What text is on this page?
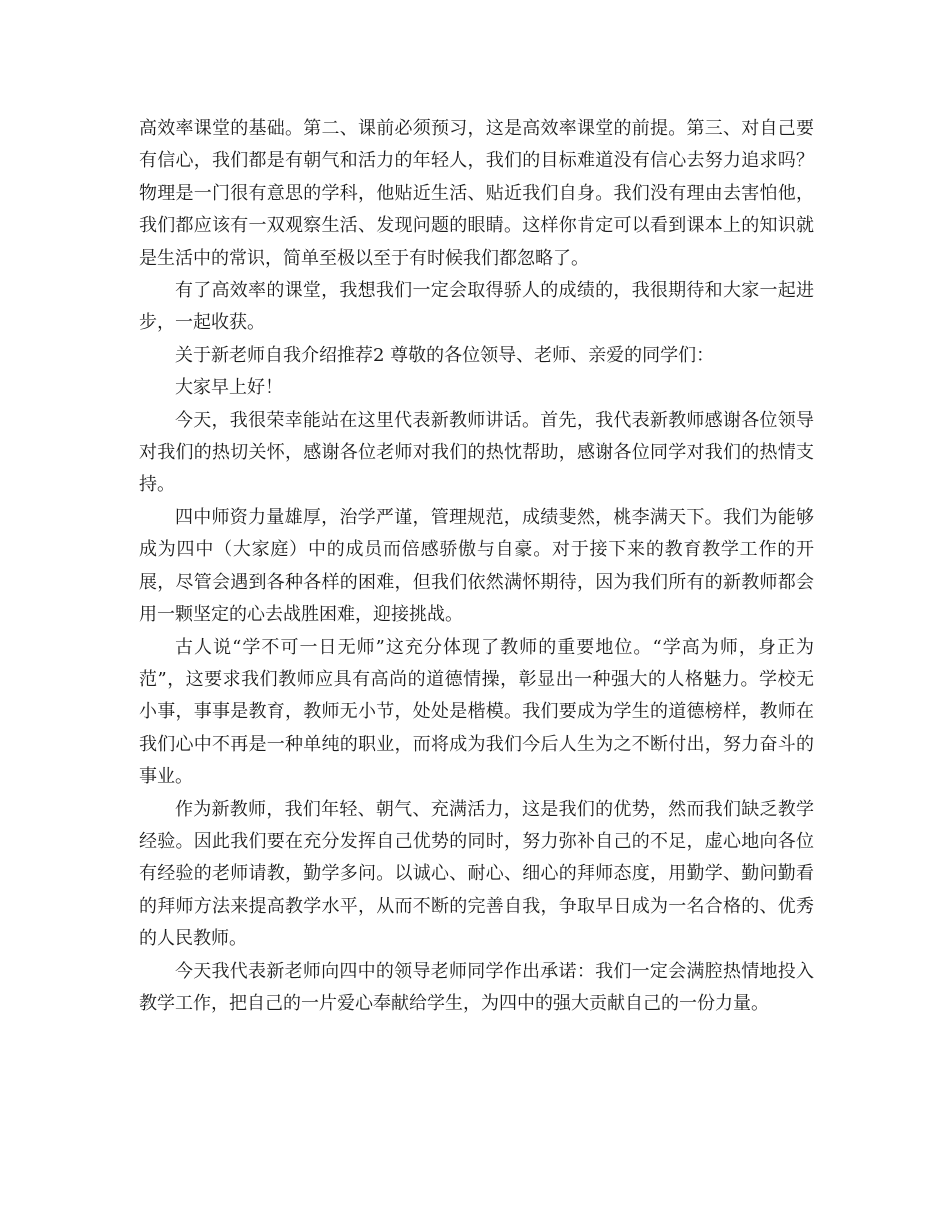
高效率课堂的基础。第二、课前必须预习，这是高效率课堂的前提。第三、对自己要有信心，我们都是有朝气和活力的年轻人，我们的目标难道没有信心去努力追求吗？物理是一门很有意思的学科，他贴近生活、贴近我们自身。我们没有理由去害怕他，我们都应该有一双观察生活、发现问题的眼睛。这样你肯定可以看到课本上的知识就是生活中的常识，简单至极以至于有时候我们都忽略了。

有了高效率的课堂，我想我们一定会取得骄人的成绩的，我很期待和大家一起进步，一起收获。

关于新老师自我介绍推荐2 尊敬的各位领导、老师、亲爱的同学们：

大家早上好！

今天，我很荣幸能站在这里代表新教师讲话。首先，我代表新教师感谢各位领导对我们的热切关怀，感谢各位老师对我们的热忱帮助，感谢各位同学对我们的热情支持。

四中师资力量雄厚，治学严谨，管理规范，成绩斐然，桃李满天下。我们为能够成为四中（大家庭）中的成员而倍感骄傲与自豪。对于接下来的教育教学工作的开展，尽管会遇到各种各样的困难，但我们依然满怀期待，因为我们所有的新教师都会用一颗坚定的心去战胜困难，迎接挑战。

古人说“学不可一日无师”这充分体现了教师的重要地位。“学高为师，身正为范”，这要求我们教师应具有高尚的道德情操，彰显出一种强大的人格魅力。学校无小事，事事是教育，教师无小节，处处是楷模。我们要成为学生的道德榜样，教师在我们心中不再是一种单纯的职业，而将成为我们今后人生为之不断付出，努力奋斗的事业。

作为新教师，我们年轻、朝气、充满活力，这是我们的优势，然而我们缺乏教学经验。因此我们要在充分发挥自己优势的同时，努力弥补自己的不足，虚心地向各位有经验的老师请教，勤学多问。以诚心、耐心、细心的拜师态度，用勤学、勤问勤看的拜师方法来提高教学水平，从而不断的完善自我，争取早日成为一名合格的、优秀的人民教师。

今天我代表新老师向四中的领导老师同学作出承诺：我们一定会满腔热情地投入教学工作，把自己的一片爱心奉献给学生，为四中的强大贡献自己的一份力量。
